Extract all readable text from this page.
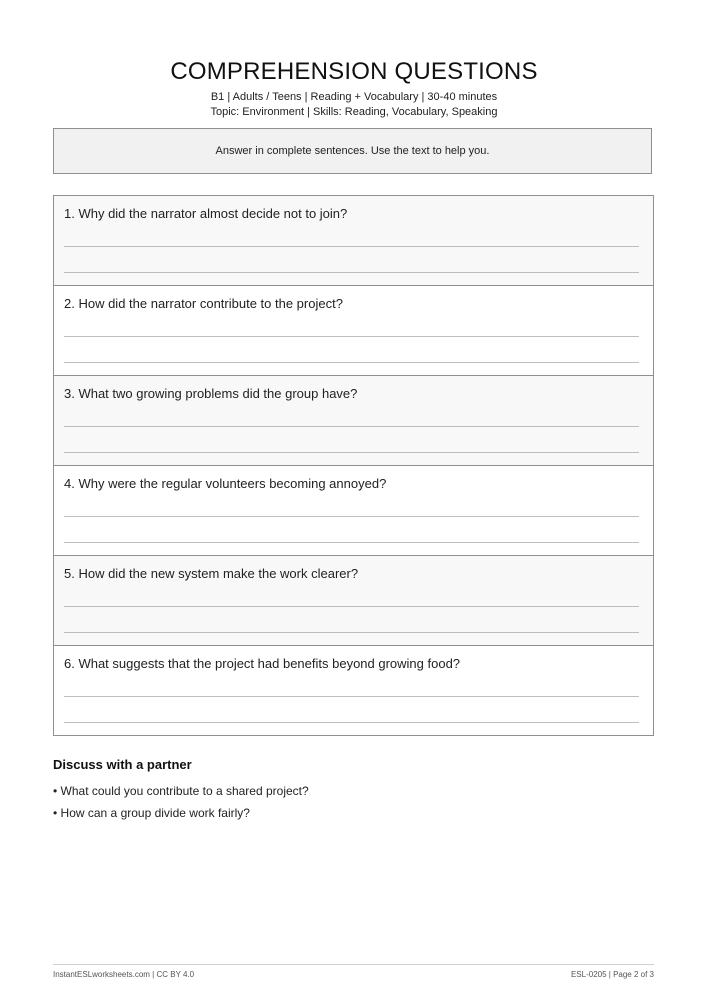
COMPREHENSION QUESTIONS
B1 | Adults / Teens | Reading + Vocabulary | 30-40 minutes
Topic: Environment | Skills: Reading, Vocabulary, Speaking
Answer in complete sentences. Use the text to help you.
1. Why did the narrator almost decide not to join?
2. How did the narrator contribute to the project?
3. What two growing problems did the group have?
4. Why were the regular volunteers becoming annoyed?
5. How did the new system make the work clearer?
6. What suggests that the project had benefits beyond growing food?
Discuss with a partner
• What could you contribute to a shared project?
• How can a group divide work fairly?
InstantESLworksheets.com | CC BY 4.0	ESL-0205 | Page 2 of 3
